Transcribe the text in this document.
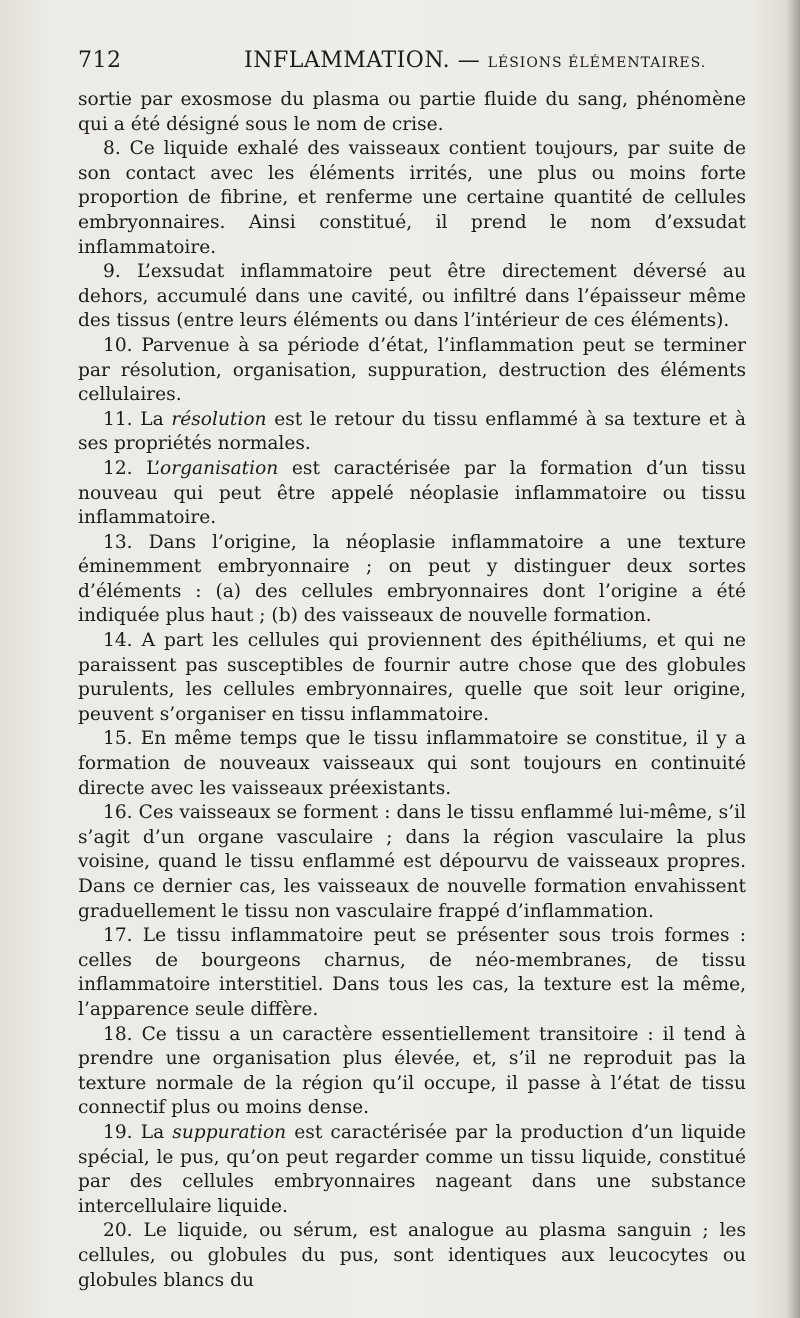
712	INFLAMMATION. — LÉSIONS ÉLÉMENTAIRES.

sortie par exosmose du plasma ou partie fluide du sang, phénomène qui a été désigné sous le nom de crise.

8. Ce liquide exhalé des vaisseaux contient toujours, par suite de son contact avec les éléments irrités, une plus ou moins forte proportion de fibrine, et renferme une certaine quantité de cellules embryonnaires. Ainsi constitué, il prend le nom d’exsudat inflammatoire.

9. L’exsudat inflammatoire peut être directement déversé au dehors, accumulé dans une cavité, ou infiltré dans l’épaisseur même des tissus (entre leurs éléments ou dans l’intérieur de ces éléments).

10. Parvenue à sa période d’état, l’inflammation peut se terminer par résolution, organisation, suppuration, destruction des éléments cellulaires.

11. La résolution est le retour du tissu enflammé à sa texture et à ses propriétés normales.

12. L’organisation est caractérisée par la formation d’un tissu nouveau qui peut être appelé néoplasie inflammatoire ou tissu inflammatoire.

13. Dans l’origine, la néoplasie inflammatoire a une texture éminemment embryonnaire ; on peut y distinguer deux sortes d’éléments : (a) des cellules embryonnaires dont l’origine a été indiquée plus haut ; (b) des vaisseaux de nouvelle formation.

14. A part les cellules qui proviennent des épithéliums, et qui ne paraissent pas susceptibles de fournir autre chose que des globules purulents, les cellules embryonnaires, quelle que soit leur origine, peuvent s’organiser en tissu inflammatoire.

15. En même temps que le tissu inflammatoire se constitue, il y a formation de nouveaux vaisseaux qui sont toujours en continuité directe avec les vaisseaux préexistants.

16. Ces vaisseaux se forment : dans le tissu enflammé lui-même, s’il s’agit d’un organe vasculaire ; dans la région vasculaire la plus voisine, quand le tissu enflammé est dépourvu de vaisseaux propres. Dans ce dernier cas, les vaisseaux de nouvelle formation envahissent graduellement le tissu non vasculaire frappé d’inflammation.

17. Le tissu inflammatoire peut se présenter sous trois formes : celles de bourgeons charnus, de néo-membranes, de tissu inflammatoire interstitiel. Dans tous les cas, la texture est la même, l’apparence seule diffère.

18. Ce tissu a un caractère essentiellement transitoire : il tend à prendre une organisation plus élevée, et, s’il ne reproduit pas la texture normale de la région qu’il occupe, il passe à l’état de tissu connectif plus ou moins dense.

19. La suppuration est caractérisée par la production d’un liquide spécial, le pus, qu’on peut regarder comme un tissu liquide, constitué par des cellules embryonnaires nageant dans une substance intercellulaire liquide.

20. Le liquide, ou sérum, est analogue au plasma sanguin ; les cellules, ou globules du pus, sont identiques aux leucocytes ou globules blancs du
